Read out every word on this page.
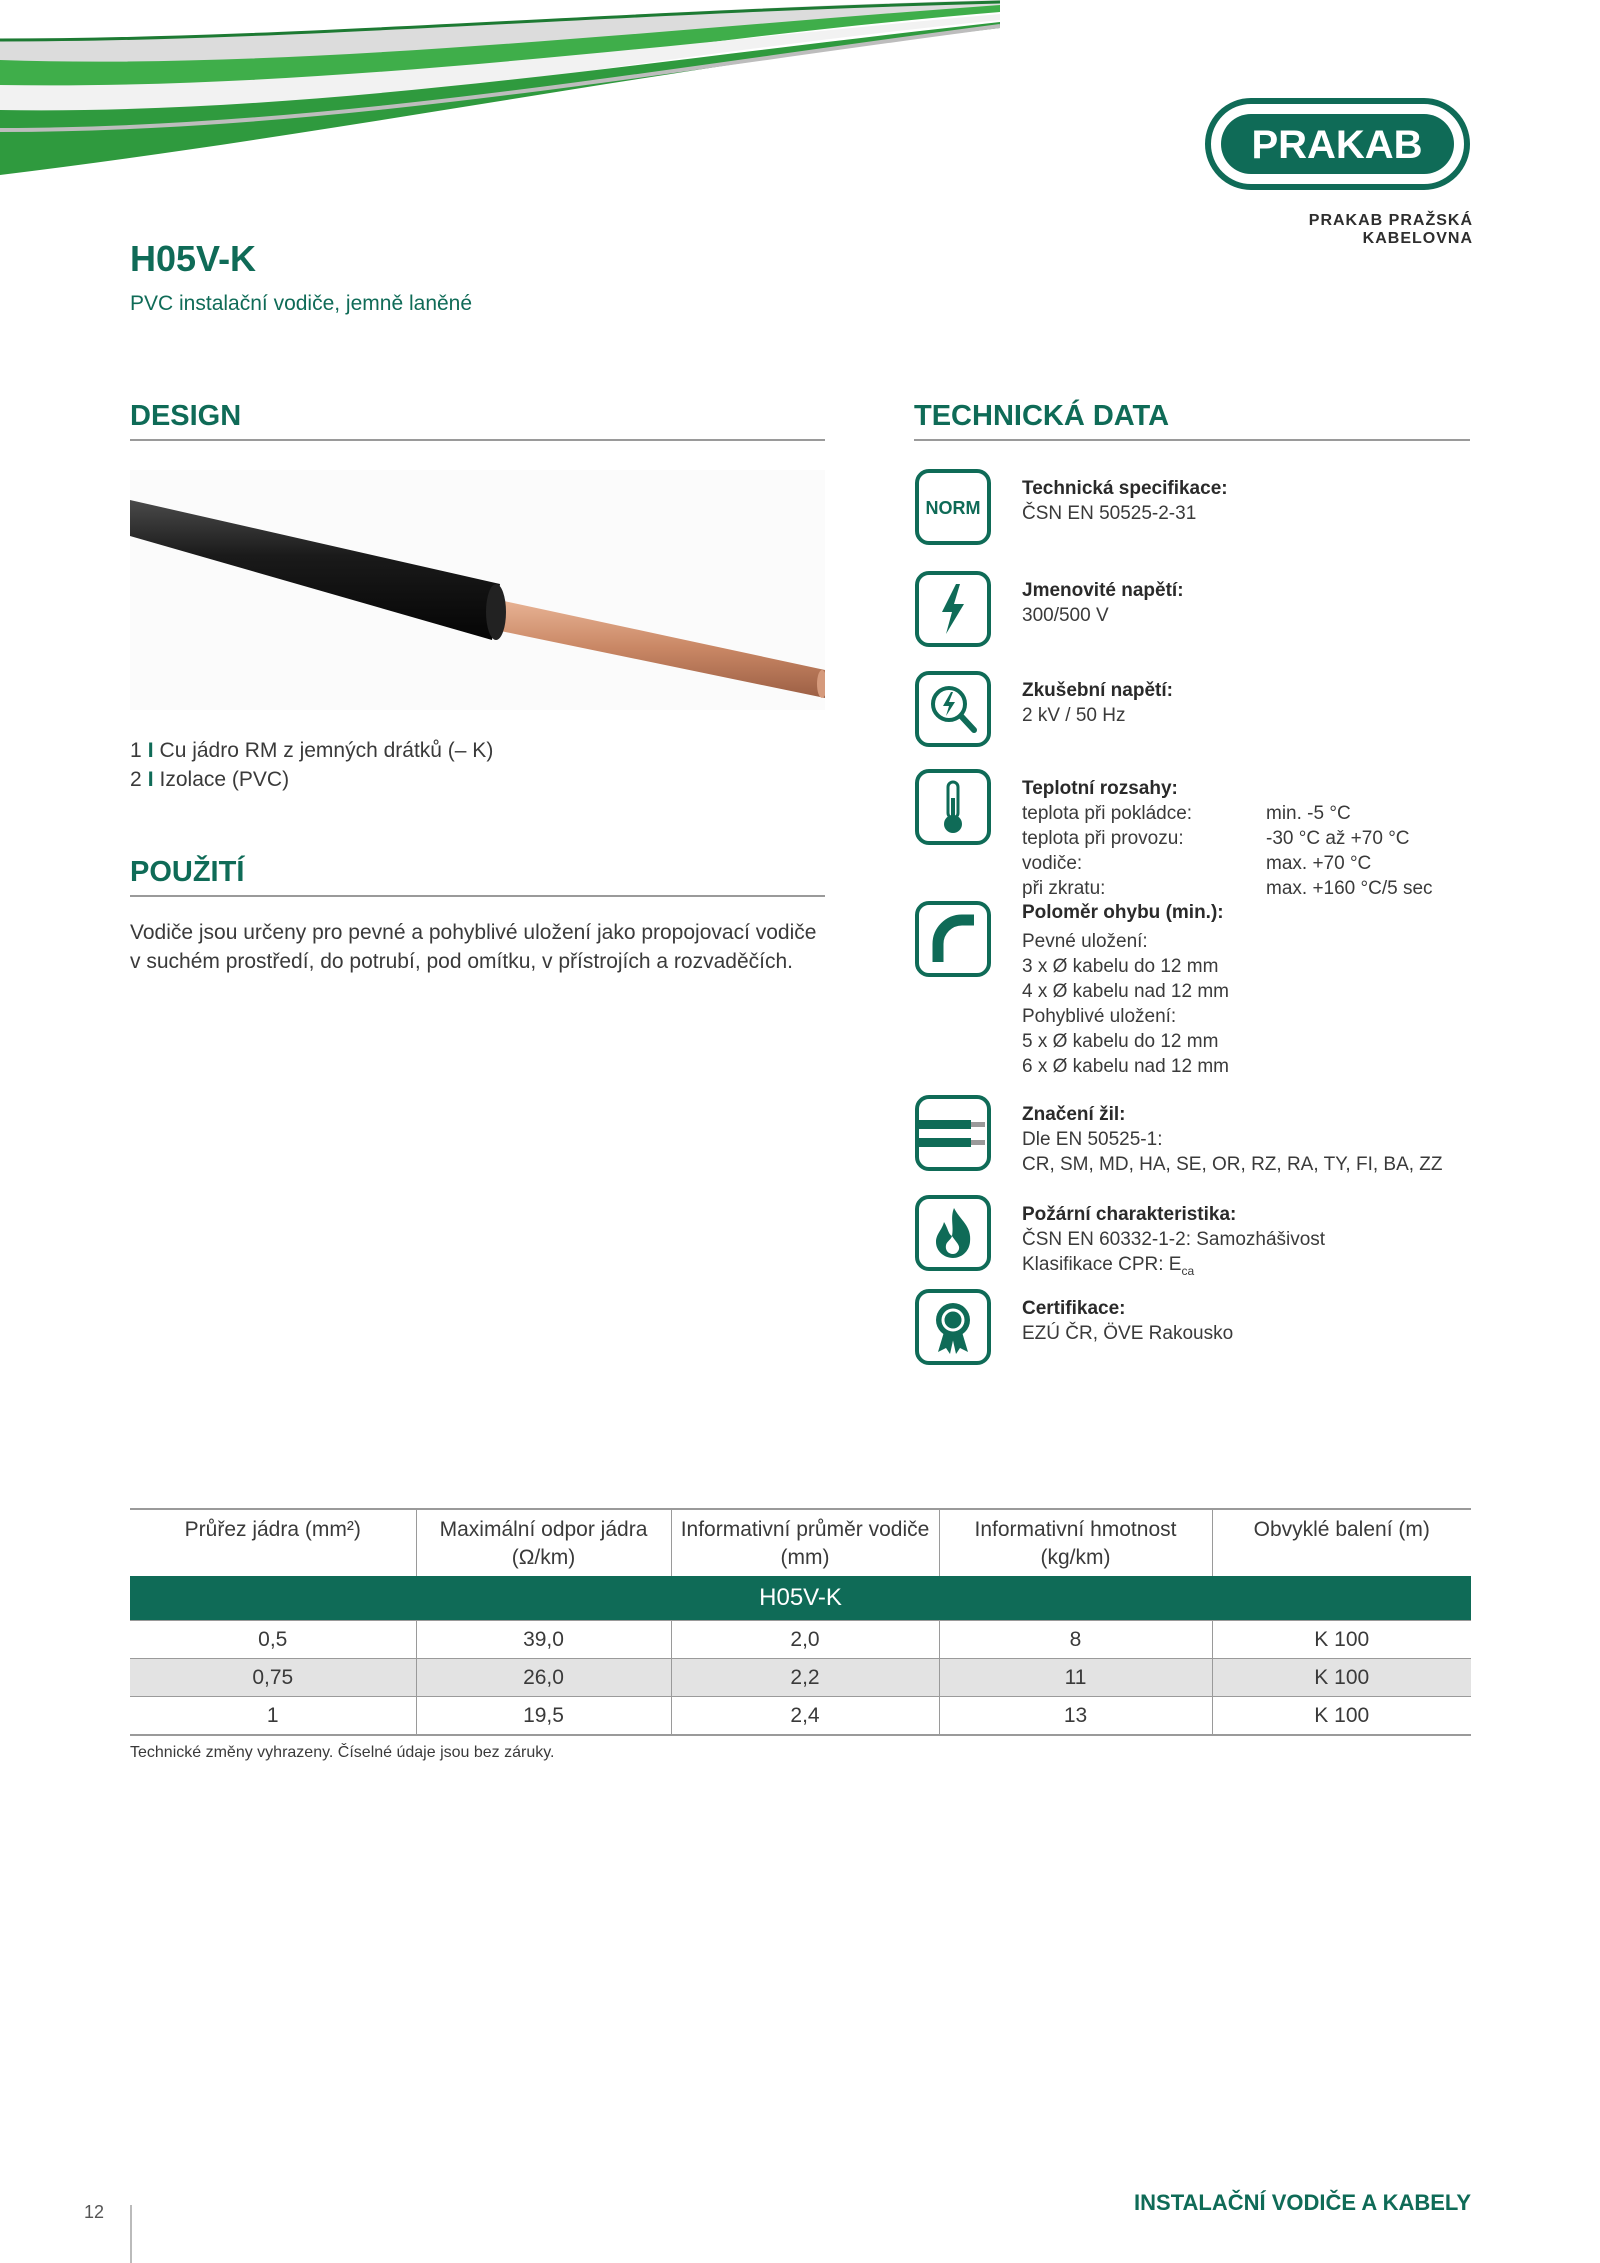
PRAKAB
PRAKAB PRAŽSKÁ KABELOVNA
H05V-K
PVC instalační vodiče, jemně laněné
DESIGN	TECHNICKÁ DATA
1 I Cu jádro RM z jemných drátků (– K)
2 I Izolace (PVC)
POUŽITÍ
Vodiče jsou určeny pro pevné a pohyblivé uložení jako propojovací vodiče v suchém prostředí, do potrubí, pod omítku, v přístrojích a rozvaděčích.
NORM
Technická specifikace:
ČSN EN 50525-2-31
Jmenovité napětí:
300/500 V
Zkušební napětí:
2 kV / 50 Hz
Teplotní rozsahy:
teplota při pokládce:	min. -5 °C
teplota při provozu:	-30 °C až +70 °C
vodiče:	max. +70 °C
při zkratu:	max. +160 °C/5 sec
Poloměr ohybu (min.):
Pevné uložení:
3 x Ø kabelu do 12 mm
4 x Ø kabelu nad 12 mm
Pohyblivé uložení:
5 x Ø kabelu do 12 mm
6 x Ø kabelu nad 12 mm
Značení žil:
Dle EN 50525-1:
CR, SM, MD, HA, SE, OR, RZ, RA, TY, FI, BA, ZZ
Požární charakteristika:
ČSN EN 60332-1-2: Samozhášivost
Klasifikace CPR: $E_{ca}$
Certifikace:
EZÚ ČR, ÖVE Rakousko
Průřez jádra (mm²)	Maximální odpor jádra (Ω/km)	Informativní průměr vodiče (mm)	Informativní hmotnost (kg/km)	Obvyklé balení (m)
H05V-K				
0,5	39,0	2,0	8	K 100
0,75	26,0	2,2	11	K 100
1	19,5	2,4	13	K 100
Technické změny vyhrazeny. Číselné údaje jsou bez záruky.
12	INSTALAČNÍ VODIČE A KABELY
